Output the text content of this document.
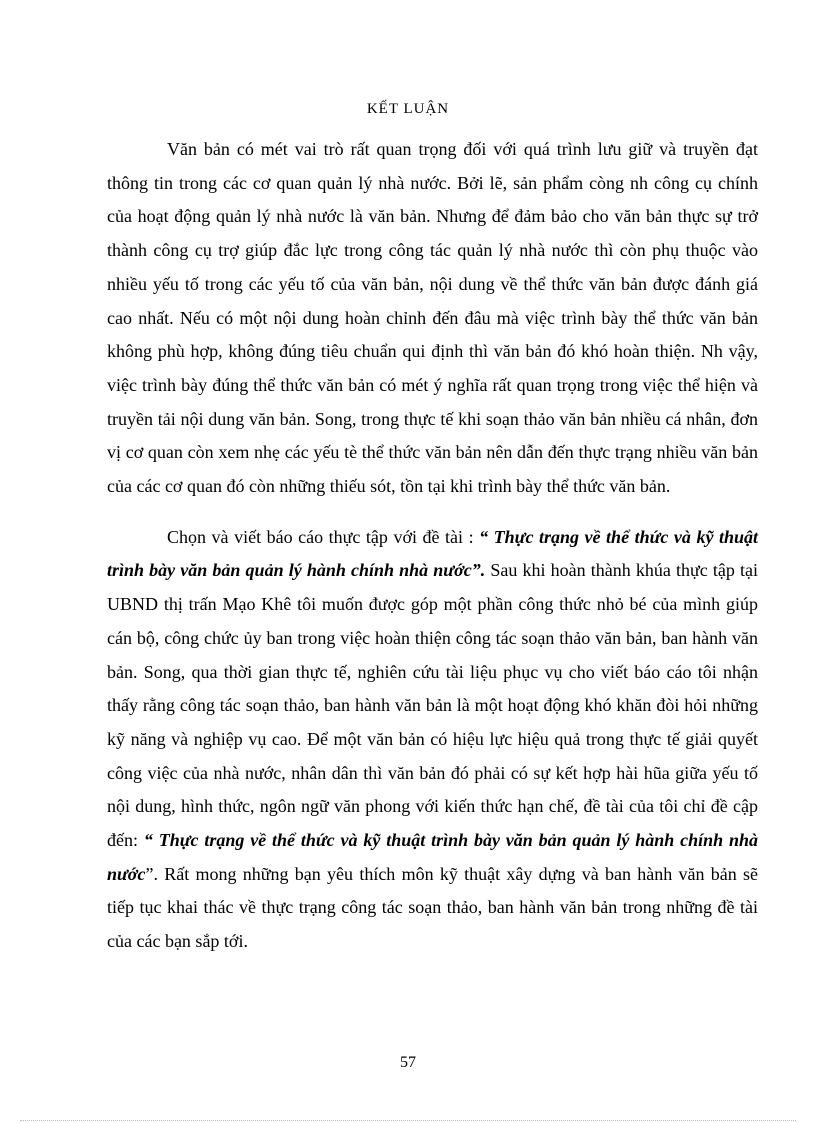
KẾT LUẬN

Văn bản có mét vai trò rất quan trọng đối với quá trình lưu giữ và truyền đạt thông tin trong các cơ quan quản lý nhà nước. Bởi lẽ, sản phẩm còng nh công cụ chính của hoạt động quản lý nhà nước là văn bản. Nhưng để đảm bảo cho văn bản thực sự trở thành công cụ trợ giúp đắc lực trong công tác quản lý nhà nước thì còn phụ thuộc vào nhiều yếu tố trong các yếu tố của văn bản, nội dung về thể thức văn bản được đánh giá cao nhất. Nếu có một nội dung hoàn chỉnh đến đâu mà việc trình bày thể thức văn bản không phù hợp, không đúng tiêu chuẩn qui định thì văn bản đó khó hoàn thiện. Nh vậy, việc trình bày đúng thể thức văn bản có mét ý nghĩa rất quan trọng trong việc thể hiện và truyền tải nội dung văn bản. Song, trong thực tế khi soạn thảo văn bản nhiều cá nhân, đơn vị cơ quan còn xem nhẹ các yếu tè thể thức văn bản nên dẫn đến thực trạng nhiều văn bản của các cơ quan đó còn những thiếu sót, tồn tại khi trình bày thể thức văn bản.

Chọn và viết báo cáo thực tập với đề tài : “ Thực trạng về thể thức và kỹ thuật trình bày văn bản quản lý hành chính nhà nước”. Sau khi hoàn thành khúa thực tập tại UBND thị trấn Mạo Khê tôi muốn được góp một phần công thức nhỏ bé của mình giúp cán bộ, công chức ủy ban trong việc hoàn thiện công tác soạn thảo văn bản, ban hành văn bản. Song, qua thời gian thực tế, nghiên cứu tài liệu phục vụ cho viết báo cáo tôi nhận thấy rằng công tác soạn thảo, ban hành văn bản là một hoạt động khó khăn đòi hỏi những kỹ năng và nghiệp vụ cao. Để một văn bản có hiệu lực hiệu quả trong thực tế giải quyết công việc của nhà nước, nhân dân thì văn bản đó phải có sự kết hợp hài hũa giữa yếu tố nội dung, hình thức, ngôn ngữ văn phong với kiến thức hạn chế, đề tài của tôi chỉ đề cập đến: “ Thực trạng về thể thức và kỹ thuật trình bày văn bản quản lý hành chính nhà nước”. Rất mong những bạn yêu thích môn kỹ thuật xây dựng và ban hành văn bản sẽ tiếp tục khai thác về thực trạng công tác soạn thảo, ban hành văn bản trong những đề tài của các bạn sắp tới.

57
